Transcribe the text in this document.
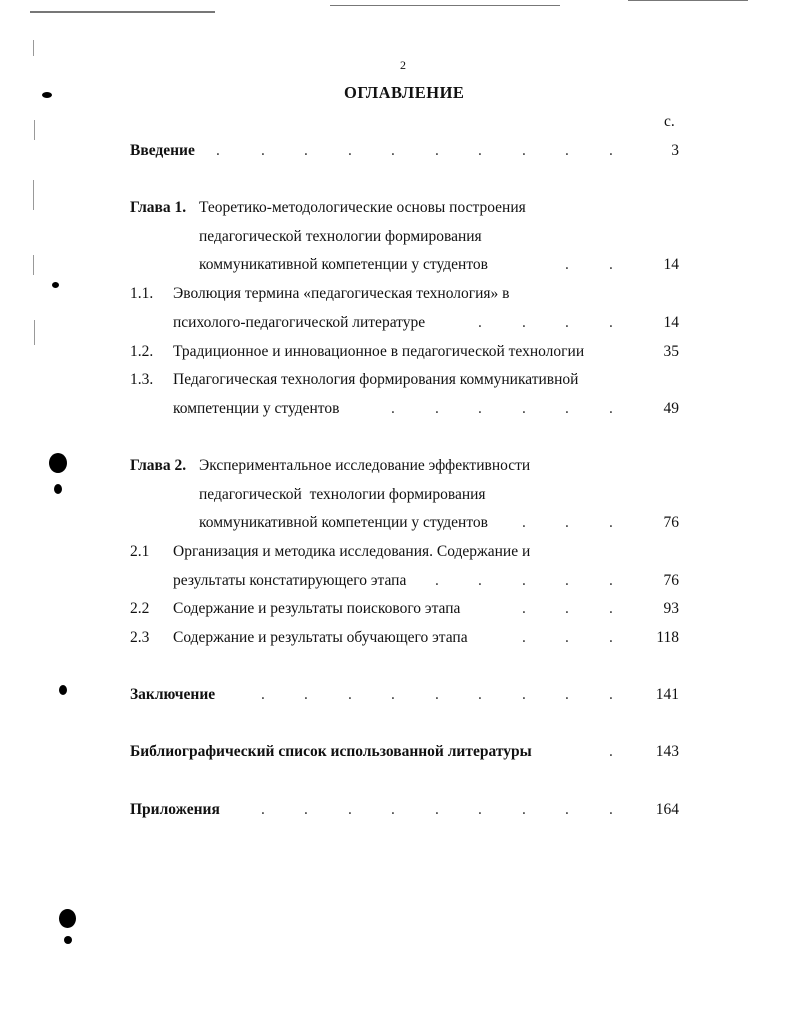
2
ОГЛАВЛЕНИЕ
с.
Введение .	.	.	.	.	.	.	.	.	.	3
Глава 1. Теоретико-методологические основы построения
педагогической технологии формирования
коммуникативной компетенции у студентов	.	.	14
1.1. Эволюция термина «педагогическая технология» в
психолого-педагогической литературе	.	.	.	.	14
1.2. Традиционное и инновационное в педагогической технологии	35
1.3. Педагогическая технология формирования коммуникативной
компетенции у студентов	.	.	.	.	.	.	49
Глава 2. Экспериментальное исследование эффективности
педагогической  технологии формирования
коммуникативной компетенции у студентов .	.	.	76
2.1 Организация и методика исследования. Содержание и
результаты констатирующего этапа .	.	.	.	.	76
2.2 Содержание и результаты поискового этапа	.	.	.	93
2.3 Содержание и результаты обучающего этапа	.	.	.	118
Заключение	.	.	.	.	.	.	.	.	.	141
Библиографический список использованной литературы	.	143
Приложения	.	.	.	.	.	.	.	.	.	164
